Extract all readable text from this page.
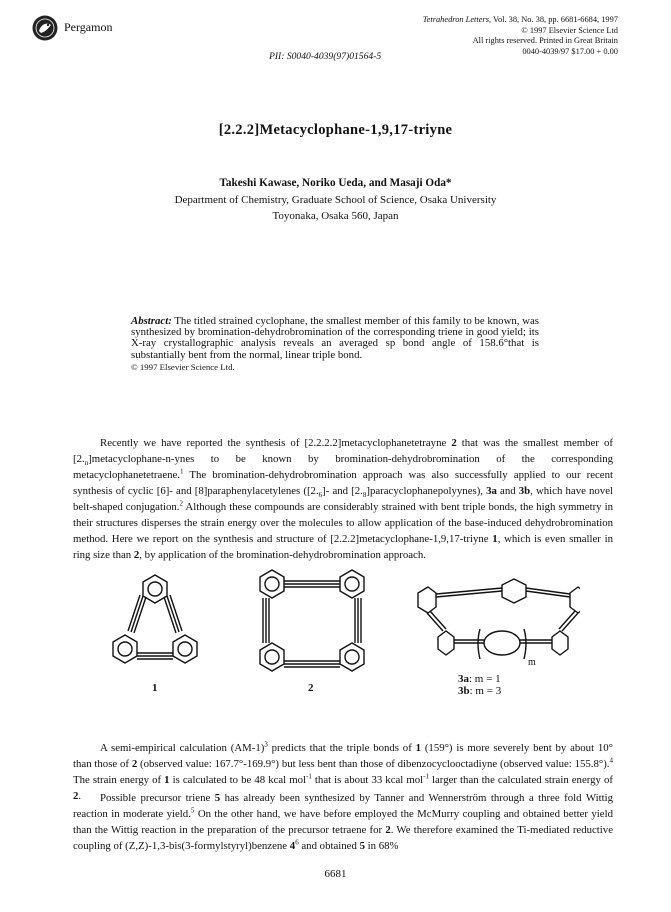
Pergamon
Tetrahedron Letters, Vol. 38, No. 38, pp. 6681-6684, 1997
© 1997 Elsevier Science Ltd
All rights reserved. Printed in Great Britain
0040-4039/97 $17.00 + 0.00
PII: S0040-4039(97)01564-5
[2.2.2]Metacyclophane-1,9,17-triyne
Takeshi Kawase, Noriko Ueda, and Masaji Oda*
Department of Chemistry, Graduate School of Science, Osaka University
Toyonaka, Osaka 560, Japan
Abstract: The titled strained cyclophane, the smallest member of this family to be known, was synthesized by bromination-dehydrobromination of the corresponding triene in good yield; its X-ray crystallographic analysis reveals an averaged sp bond angle of 158.6°that is substantially bent from the normal, linear triple bond.
© 1997 Elsevier Science Ltd.
Recently we have reported the synthesis of [2.2.2.2]metacyclophanetetrayne 2 that was the smallest member of $[2._n]metacyclophane-n$-ynes to be known by bromination-dehydrobromination of the corresponding metacyclophanetetraene.$^1$ The bromination-dehydrobromination approach was also successfully applied to our recent synthesis of cyclic [6]- and [8]paraphenylacetylenes ($[2._6]-$ and $[2._8]paracyclophanepolyynes$), 3a and 3b, which have novel belt-shaped conjugation.$^2$ Although these compounds are considerably strained with bent triple bonds, the high symmetry in their structures disperses the strain energy over the molecules to allow application of the base-induced dehydrobromination method. Here we report on the synthesis and structure of [2.2.2]metacyclophane-1,9,17-triyne 1, which is even smaller in ring size than 2, by application of the bromination-dehydrobromination approach.
m
1	2
3a: m = 1
3b: m = 3
A semi-empirical calculation $(AM-1)^3$ predicts that the triple bonds of 1 (159°) is more severely bent by about 10° than those of 2 (observed value: 167.7°-169.9°) but less bent than those of dibenzocyclooctadiyne (observed value: 155.8°).$^4$ The strain energy of 1 is calculated to be 48 kcal mol$^{-1}$ that is about 33 kcal mol$^{-1}$ larger than the calculated strain energy of 2.	Possible precursor triene 5 has already been synthesized by Tanner and Wennerström through a three fold Wittig reaction in moderate yield.$^5$ On the other hand, we have before employed the McMurry coupling and obtained better yield than the Wittig reaction in the preparation of the precursor tetraene for 2. We therefore examined the Ti-mediated reductive coupling of (Z,Z)-1,3-bis(3-formylstyryl)benzene $4^6$ and obtained 5 in 68%
6681
